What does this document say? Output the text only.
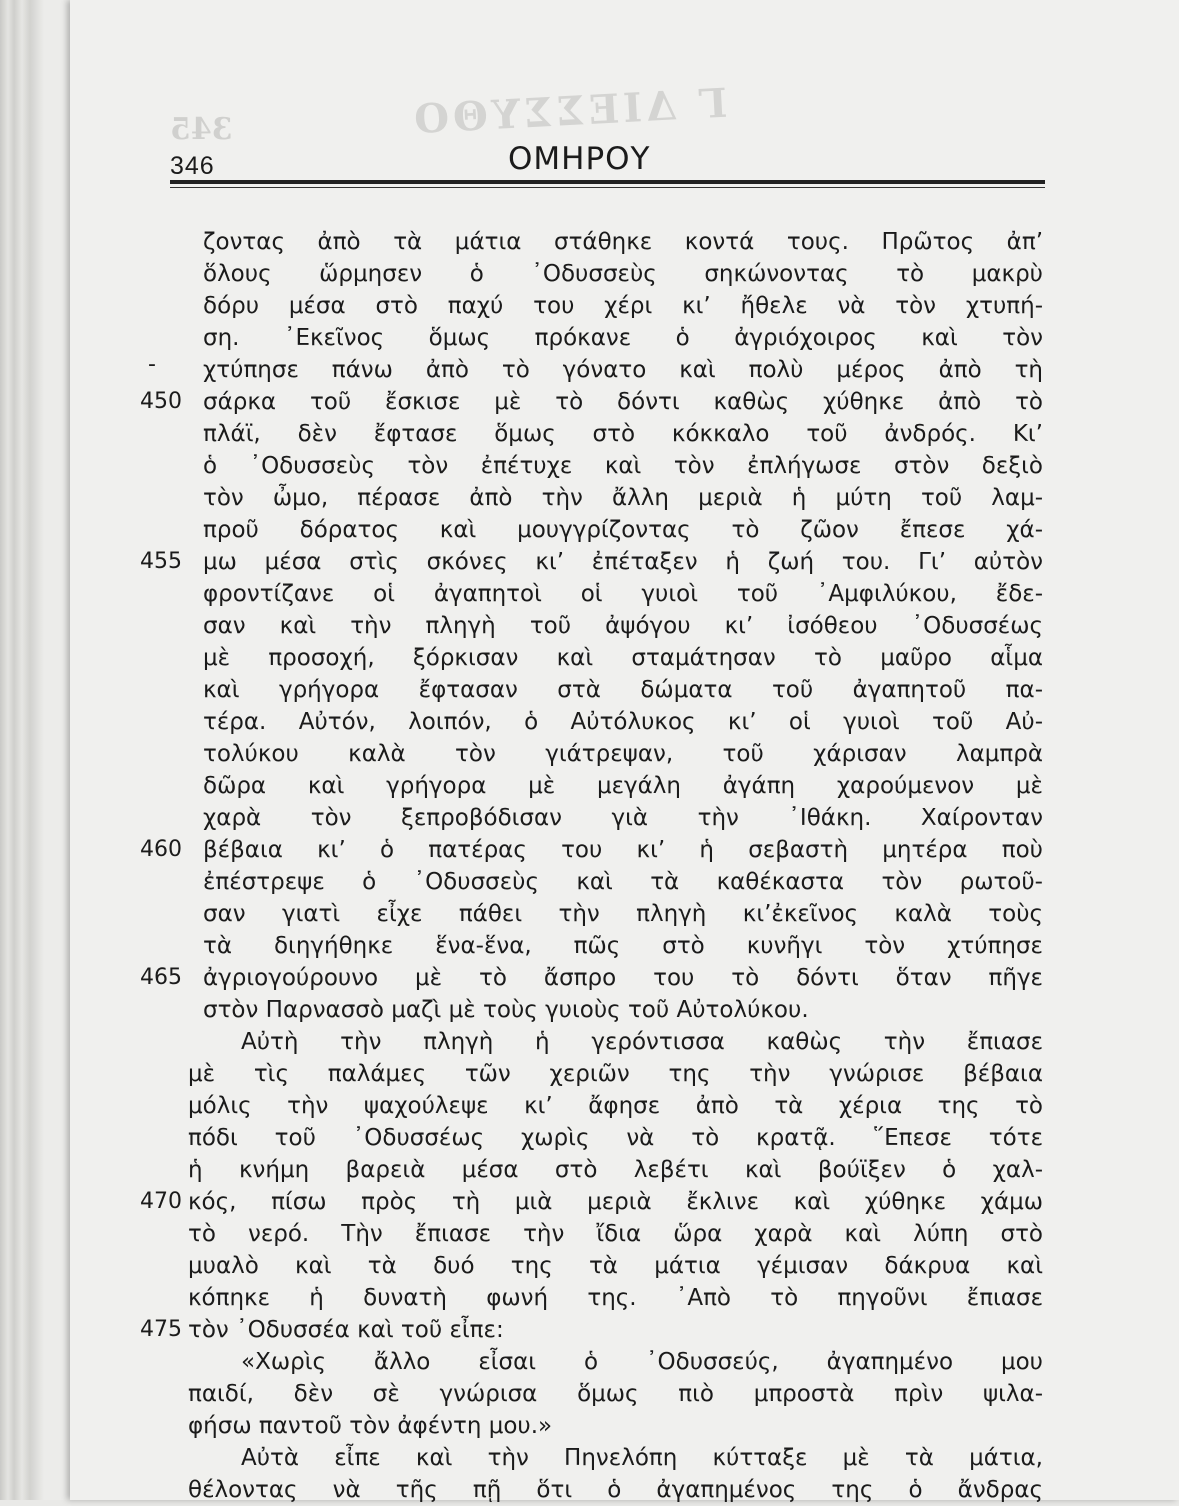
Γ ΔΙΕΣΣΥΘΟ
345
346	ΟΜΗΡΟΥ
-
ζοντας ἀπὸ τὰ μάτια στάθηκε κοντά τους. Πρῶτος ἀπ’
ὅλους ὥρμησεν ὁ ᾿Οδυσσεὺς σηκώνοντας τὸ μακρὺ
δόρυ μέσα στὸ παχύ του χέρι κι’ ἤθελε νὰ τὸν χτυπή-
ση. ᾿Εκεῖνος ὅμως πρόκανε ὁ ἀγριόχοιρος καὶ τὸν
χτύπησε πάνω ἀπὸ τὸ γόνατο καὶ πολὺ μέρος ἀπὸ τὴ
σάρκα τοῦ ἔσκισε μὲ τὸ δόντι καθὼς χύθηκε ἀπὸ τὸ
πλάϊ, δὲν ἔφτασε ὅμως στὸ κόκκαλο τοῦ ἀνδρός. Κι’
ὁ ᾿Οδυσσεὺς τὸν ἐπέτυχε καὶ τὸν ἐπλήγωσε στὸν δεξιὸ
τὸν ὦμο, πέρασε ἀπὸ τὴν ἄλλη μεριὰ ἡ μύτη τοῦ λαμ-
προῦ δόρατος καὶ μουγγρίζοντας τὸ ζῶον ἔπεσε χά-
μω μέσα στὶς σκόνες κι’ ἐπέταξεν ἡ ζωή του. Γι’ αὐτὸν
φροντίζανε οἱ ἀγαπητοὶ οἱ γυιοὶ τοῦ ᾿Αμφιλύκου, ἔδε-
σαν καὶ τὴν πληγὴ τοῦ ἀψόγου κι’ ἰσόθεου ᾿Οδυσσέως
μὲ προσοχή, ξόρκισαν καὶ σταμάτησαν τὸ μαῦρο αἷμα
καὶ γρήγορα ἔφτασαν στὰ δώματα τοῦ ἀγαπητοῦ πα-
τέρα. Αὐτόν, λοιπόν, ὁ Αὐτόλυκος κι’ οἱ γυιοὶ τοῦ Αὐ-
τολύκου καλὰ τὸν γιάτρεψαν, τοῦ χάρισαν λαμπρὰ
δῶρα καὶ γρήγορα μὲ μεγάλη ἀγάπη χαρούμενον μὲ
χαρὰ τὸν ξεπροβόδισαν γιὰ τὴν ᾿Ιθάκη. Χαίρονταν
βέβαια κι’ ὁ πατέρας του κι’ ἡ σεβαστὴ μητέρα ποὺ
ἐπέστρεψε ὁ ᾿Οδυσσεὺς καὶ τὰ καθέκαστα τὸν ρωτοῦ-
σαν γιατὶ εἶχε πάθει τὴν πληγὴ κι’ἐκεῖνος καλὰ τοὺς
τὰ διηγήθηκε ἕνα-ἕνα, πῶς στὸ κυνῆγι τὸν χτύπησε
ἀγριογούρουνο μὲ τὸ ἄσπρο του τὸ δόντι ὅταν πῆγε
στὸν Παρνασσὸ μαζὶ μὲ τοὺς γυιοὺς τοῦ Αὐτολύκου.
Αὐτὴ τὴν πληγὴ ἡ γερόντισσα καθὼς τὴν ἔπιασε
μὲ τὶς παλάμες τῶν χεριῶν της τὴν γνώρισε βέβαια
μόλις τὴν ψαχούλεψε κι’ ἄφησε ἀπὸ τὰ χέρια της τὸ
πόδι τοῦ ᾿Οδυσσέως χωρὶς νὰ τὸ κρατᾷ. ῞Επεσε τότε
ἡ κνήμη βαρειὰ μέσα στὸ λεβέτι καὶ βούϊξεν ὁ χαλ-
κός, πίσω πρὸς τὴ μιὰ μεριὰ ἔκλινε καὶ χύθηκε χάμω
τὸ νερό. Τὴν ἔπιασε τὴν ἴδια ὥρα χαρὰ καὶ λύπη στὸ
μυαλὸ καὶ τὰ δυό της τὰ μάτια γέμισαν δάκρυα καὶ
κόπηκε ἡ δυνατὴ φωνή της. ᾿Απὸ τὸ πηγοῦνι ἔπιασε
τὸν ᾿Οδυσσέα καὶ τοῦ εἶπε:
«Χωρὶς ἄλλο εἶσαι ὁ ᾿Οδυσσεύς, ἀγαπημένο μου
παιδί, δὲν σὲ γνώρισα ὅμως πιὸ μπροστὰ πρὶν ψιλα-
φήσω παντοῦ τὸν ἀφέντη μου.»
Αὐτὰ εἶπε καὶ τὴν Πηνελόπη κύτταξε μὲ τὰ μάτια,
θέλοντας νὰ τῆς πῇ ὅτι ὁ ἀγαπημένος της ὁ ἄνδρας
450
455
460
465
470
475
